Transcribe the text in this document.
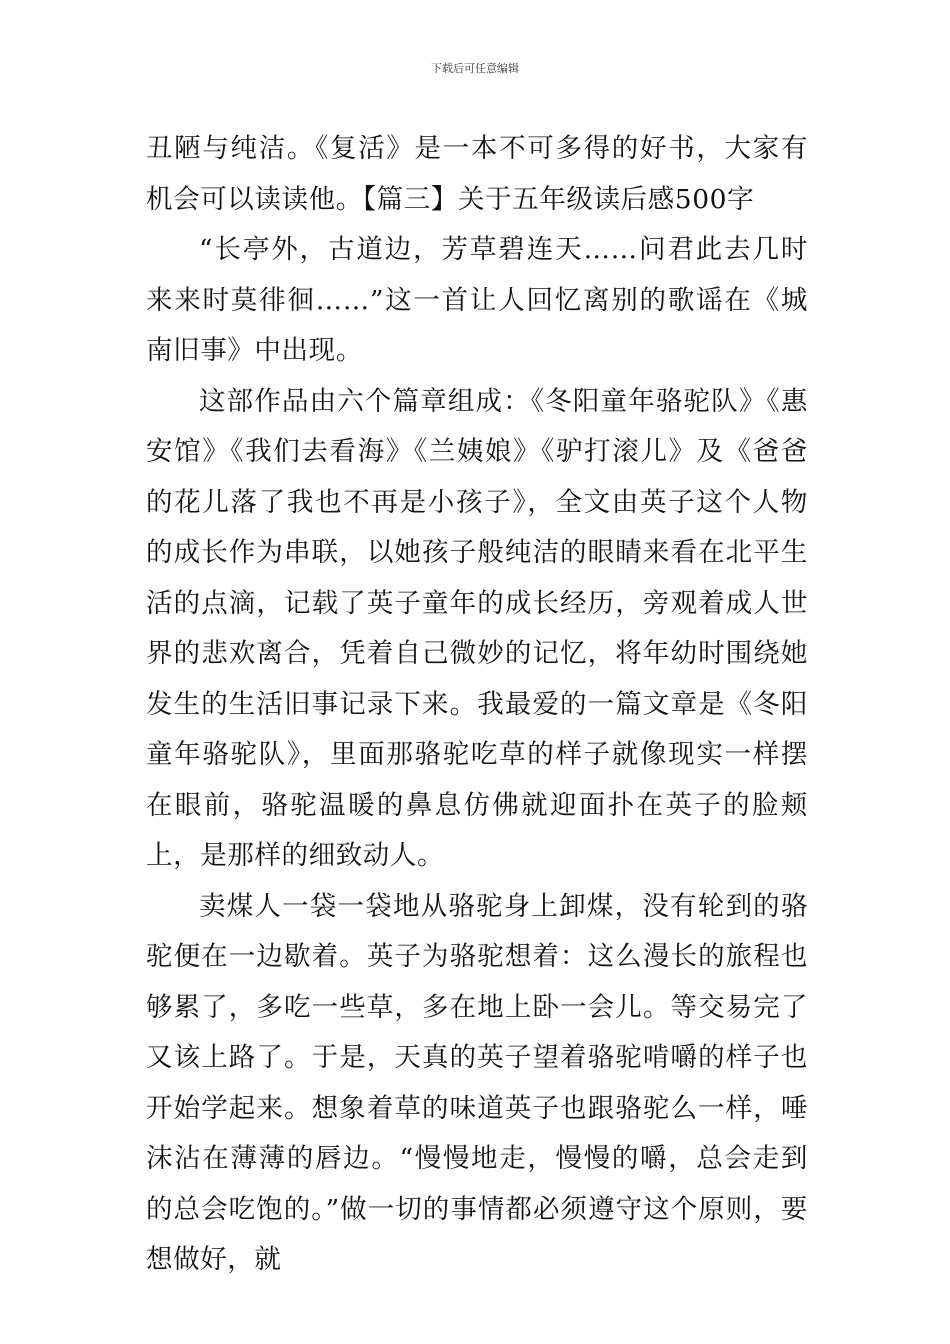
下载后可任意编辑

丑陋与纯洁。《复活》是一本不可多得的好书，大家有机会可以读读他。【篇三】关于五年级读后感500字

“长亭外，古道边，芳草碧连天……问君此去几时来来时莫徘徊……”这一首让人回忆离别的歌谣在《城南旧事》中出现。

这部作品由六个篇章组成：《冬阳童年骆驼队》《惠安馆》《我们去看海》《兰姨娘》《驴打滚儿》及《爸爸的花儿落了我也不再是小孩子》，全文由英子这个人物的成长作为串联，以她孩子般纯洁的眼睛来看在北平生活的点滴，记载了英子童年的成长经历，旁观着成人世界的悲欢离合，凭着自己微妙的记忆，将年幼时围绕她发生的生活旧事记录下来。我最爱的一篇文章是《冬阳童年骆驼队》，里面那骆驼吃草的样子就像现实一样摆在眼前，骆驼温暖的鼻息仿佛就迎面扑在英子的脸颊上，是那样的细致动人。

卖煤人一袋一袋地从骆驼身上卸煤，没有轮到的骆驼便在一边歇着。英子为骆驼想着：这么漫长的旅程也够累了，多吃一些草，多在地上卧一会儿。等交易完了又该上路了。于是，天真的英子望着骆驼啃嚼的样子也开始学起来。想象着草的味道英子也跟骆驼么一样，唾沫沾在薄薄的唇边。“慢慢地走，慢慢的嚼，总会走到的总会吃饱的。”做一切的事情都必须遵守这个原则，要想做好，就
